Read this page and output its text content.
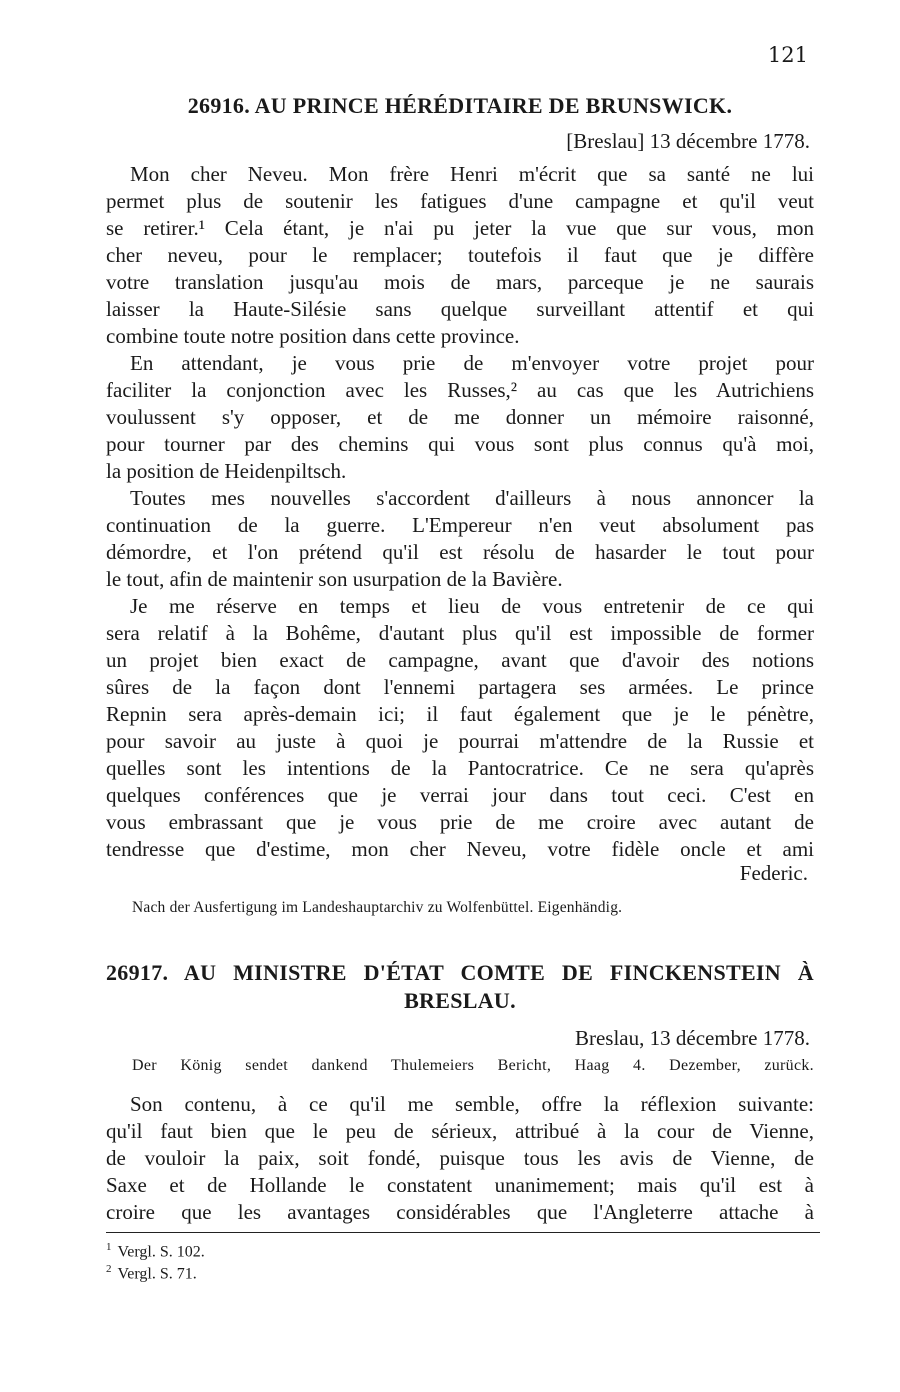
121
26916. AU PRINCE HÉRÉDITAIRE DE BRUNSWICK.

[Breslau] 13 décembre 1778.

Mon cher Neveu. Mon frère Henri m'écrit que sa santé ne lui

permet plus de soutenir les fatigues d'une campagne et qu'il veut

se retirer.¹ Cela étant, je n'ai pu jeter la vue que sur vous, mon

cher neveu, pour le remplacer; toutefois il faut que je diffère

votre translation jusqu'au mois de mars, parceque je ne saurais

laisser la Haute-Silésie sans quelque surveillant attentif et qui

combine toute notre position dans cette province.

En attendant, je vous prie de m'envoyer votre projet pour

faciliter la conjonction avec les Russes,² au cas que les Autrichiens

voulussent s'y opposer, et de me donner un mémoire raisonné,

pour tourner par des chemins qui vous sont plus connus qu'à moi,

la position de Heidenpiltsch.

Toutes mes nouvelles s'accordent d'ailleurs à nous annoncer la

continuation de la guerre. L'Empereur n'en veut absolument pas

démordre, et l'on prétend qu'il est résolu de hasarder le tout pour

le tout, afin de maintenir son usurpation de la Bavière.

Je me réserve en temps et lieu de vous entretenir de ce qui

sera relatif à la Bohême, d'autant plus qu'il est impossible de former

un projet bien exact de campagne, avant que d'avoir des notions

sûres de la façon dont l'ennemi partagera ses armées. Le prince

Repnin sera après-demain ici; il faut également que je le pénètre,

pour savoir au juste à quoi je pourrai m'attendre de la Russie et

quelles sont les intentions de la Pantocratrice. Ce ne sera qu'après

quelques conférences que je verrai jour dans tout ceci. C'est en

vous embrassant que je vous prie de me croire avec autant de

tendresse que d'estime, mon cher Neveu, votre fidèle oncle et ami

Federic.

Nach der Ausfertigung im Landeshauptarchiv zu Wolfenbüttel. Eigenhändig.

26917. AU MINISTRE D'ÉTAT COMTE DE FINCKENSTEIN À
BRESLAU.

Breslau, 13 décembre 1778.

Der König sendet dankend Thulemeiers Bericht, Haag 4. Dezember, zurück.

Son contenu, à ce qu'il me semble, offre la réflexion suivante:

qu'il faut bien que le peu de sérieux, attribué à la cour de Vienne,

de vouloir la paix, soit fondé, puisque tous les avis de Vienne, de

Saxe et de Hollande le constatent unanimement; mais qu'il est à

croire que les avantages considérables que l'Angleterre attache à

$^1$ Vergl. S. 102.

$^2$ Vergl. S. 71.
